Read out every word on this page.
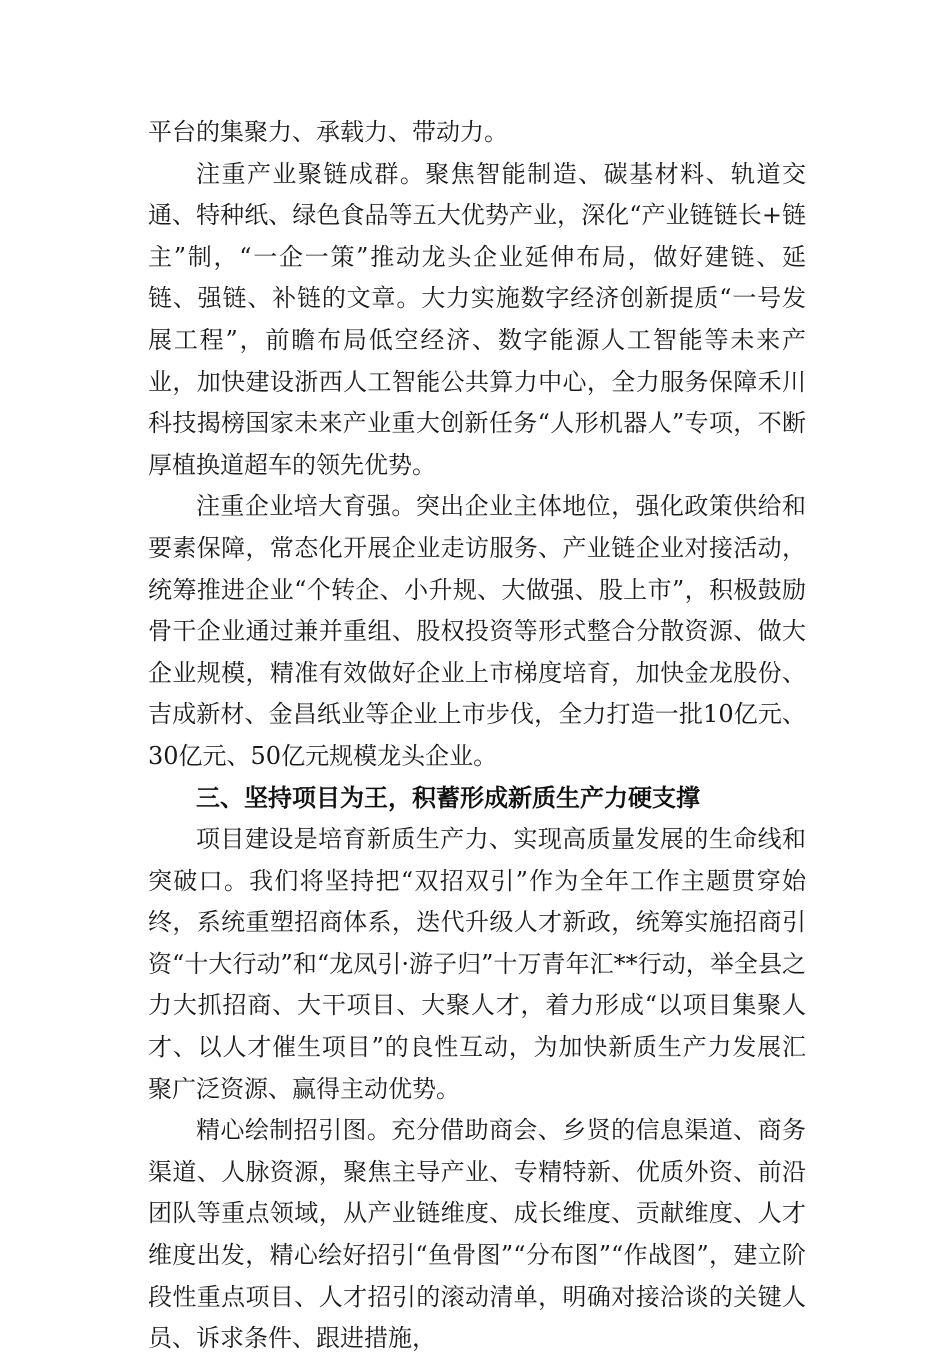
平台的集聚力、承载力、带动力。

注重产业聚链成群。聚焦智能制造、碳基材料、轨道交通、特种纸、绿色食品等五大优势产业，深化“产业链链长+链主”制，“一企一策”推动龙头企业延伸布局，做好建链、延链、强链、补链的文章。大力实施数字经济创新提质“一号发展工程”，前瞻布局低空经济、数字能源人工智能等未来产业，加快建设浙西人工智能公共算力中心，全力服务保障禾川科技揭榜国家未来产业重大创新任务“人形机器人”专项，不断厚植换道超车的领先优势。

注重企业培大育强。突出企业主体地位，强化政策供给和要素保障，常态化开展企业走访服务、产业链企业对接活动，统筹推进企业“个转企、小升规、大做强、股上市”，积极鼓励骨干企业通过兼并重组、股权投资等形式整合分散资源、做大企业规模，精准有效做好企业上市梯度培育，加快金龙股份、吉成新材、金昌纸业等企业上市步伐，全力打造一批10亿元、30亿元、50亿元规模龙头企业。

三、坚持项目为王，积蓄形成新质生产力硬支撑

项目建设是培育新质生产力、实现高质量发展的生命线和突破口。我们将坚持把“双招双引”作为全年工作主题贯穿始终，系统重塑招商体系，迭代升级人才新政，统筹实施招商引资“十大行动”和“龙凤引·游子归”十万青年汇**行动，举全县之力大抓招商、大干项目、大聚人才，着力形成“以项目集聚人才、以人才催生项目”的良性互动，为加快新质生产力发展汇聚广泛资源、赢得主动优势。

精心绘制招引图。充分借助商会、乡贤的信息渠道、商务渠道、人脉资源，聚焦主导产业、专精特新、优质外资、前沿团队等重点领域，从产业链维度、成长维度、贡献维度、人才维度出发，精心绘好招引“鱼骨图”“分布图”“作战图”，建立阶段性重点项目、人才招引的滚动清单，明确对接洽谈的关键人员、诉求条件、跟进措施，
